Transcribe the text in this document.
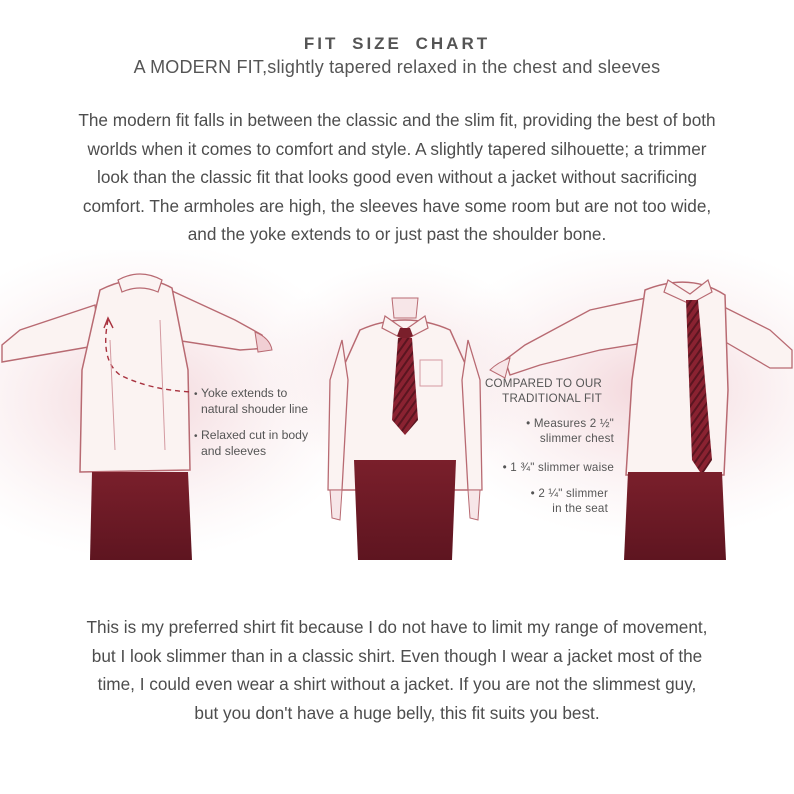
FIT SIZE CHART
A MODERN FIT,slightly tapered relaxed in the chest and sleeves
The modern fit falls in between the classic and the slim fit, providing the best of both
worlds when it comes to comfort and style. A slightly tapered silhouette; a trimmer
look than the classic fit that looks good even without a jacket without sacrificing
comfort. The armholes are high, the sleeves have some room but are not too wide,
and the yoke extends to or just past the shoulder bone.
• Yoke extends to
natural shouder line
• Relaxed cut in body
and sleeves
COMPARED TO OUR
TRADITIONAL FIT
• Measures 2 ½"
slimmer chest
• 1 ¾" slimmer waise
• 2 ¼" slimmer
in the seat
This is my preferred shirt fit because I do not have to limit my range of movement,
but I look slimmer than in a classic shirt. Even though I wear a jacket most of the
time, I could even wear a shirt without a jacket. If you are not the slimmest guy,
but you don't have a huge belly, this fit suits you best.
